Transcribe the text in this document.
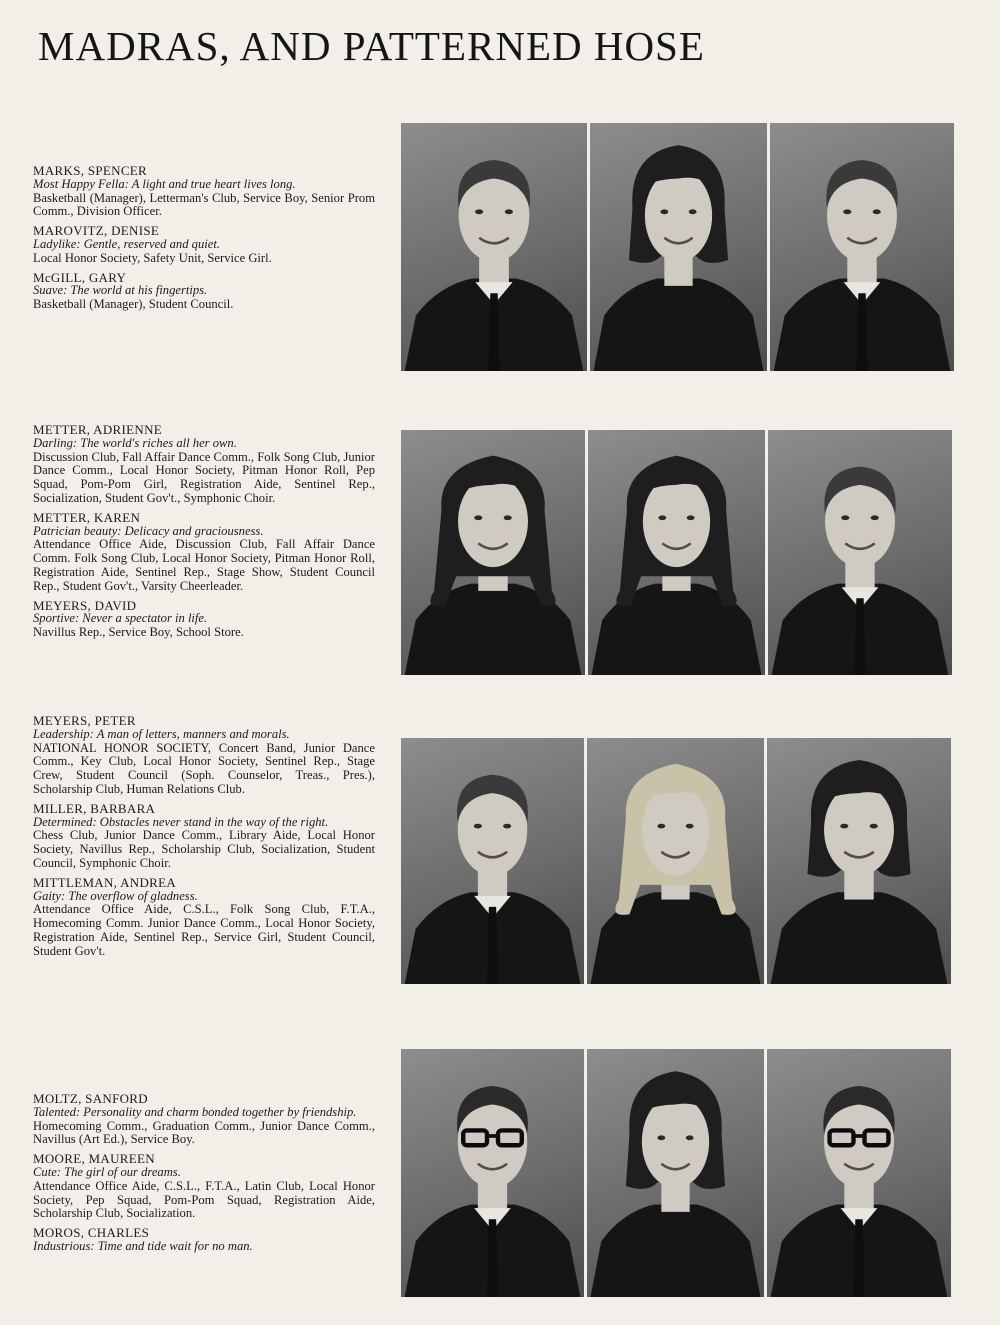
MADRAS, AND PATTERNED HOSE
MARKS, SPENCER
Most Happy Fella: A light and true heart lives long.
Basketball (Manager), Letterman's Club, Service Boy, Senior Prom Comm., Division Officer.
MAROVITZ, DENISE
Ladylike: Gentle, reserved and quiet.
Local Honor Society, Safety Unit, Service Girl.
McGILL, GARY
Suave: The world at his fingertips.
Basketball (Manager), Student Council.
METTER, ADRIENNE
Darling: The world's riches all her own.
Discussion Club, Fall Affair Dance Comm., Folk Song Club, Junior Dance Comm., Local Honor Society, Pitman Honor Roll, Pep Squad, Pom-Pom Girl, Registration Aide, Sentinel Rep., Socialization, Student Gov't., Symphonic Choir.
METTER, KAREN
Patrician beauty: Delicacy and graciousness.
Attendance Office Aide, Discussion Club, Fall Affair Dance Comm. Folk Song Club, Local Honor Society, Pitman Honor Roll, Registration Aide, Sentinel Rep., Stage Show, Student Council Rep., Student Gov't., Varsity Cheerleader.
MEYERS, DAVID
Sportive: Never a spectator in life.
Navillus Rep., Service Boy, School Store.
MEYERS, PETER
Leadership: A man of letters, manners and morals.
NATIONAL HONOR SOCIETY, Concert Band, Junior Dance Comm., Key Club, Local Honor Society, Sentinel Rep., Stage Crew, Student Council (Soph. Counselor, Treas., Pres.), Scholarship Club, Human Relations Club.
MILLER, BARBARA
Determined: Obstacles never stand in the way of the right.
Chess Club, Junior Dance Comm., Library Aide, Local Honor Society, Navillus Rep., Scholarship Club, Socialization, Student Council, Symphonic Choir.
MITTLEMAN, ANDREA
Gaity: The overflow of gladness.
Attendance Office Aide, C.S.L., Folk Song Club, F.T.A., Homecoming Comm. Junior Dance Comm., Local Honor Society, Registration Aide, Sentinel Rep., Service Girl, Student Council, Student Gov't.
MOLTZ, SANFORD
Talented: Personality and charm bonded together by friendship.
Homecoming Comm., Graduation Comm., Junior Dance Comm., Navillus (Art Ed.), Service Boy.
MOORE, MAUREEN
Cute: The girl of our dreams.
Attendance Office Aide, C.S.L., F.T.A., Latin Club, Local Honor Society, Pep Squad, Pom-Pom Squad, Registration Aide, Scholarship Club, Socialization.
MOROS, CHARLES
Industrious: Time and tide wait for no man.
